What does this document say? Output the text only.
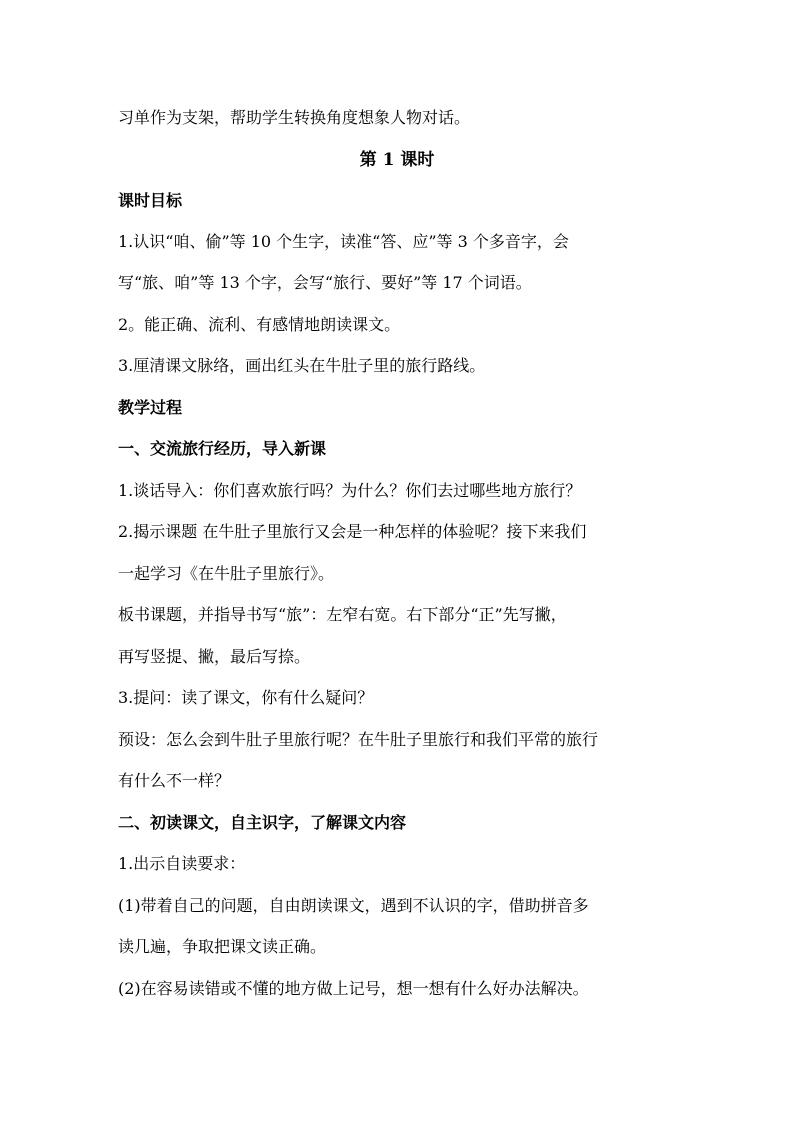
习单作为支架，帮助学生转换角度想象人物对话。
第 1 课时
课时目标
1.认识“咱、偷”等 10 个生字，读准“答、应”等 3 个多音字，会
写“旅、咱”等 13 个字，会写“旅行、要好”等 17 个词语。
2。能正确、流利、有感情地朗读课文。
3.厘清课文脉络，画出红头在牛肚子里的旅行路线。
教学过程
一、交流旅行经历，导入新课
1.谈话导入：你们喜欢旅行吗？为什么？你们去过哪些地方旅行？
2.揭示课题 在牛肚子里旅行又会是一种怎样的体验呢？接下来我们
一起学习《在牛肚子里旅行》。
板书课题，并指导书写“旅”：左窄右宽。右下部分“正”先写撇，
再写竖提、撇，最后写捺。
3.提问：读了课文，你有什么疑问？
预设：怎么会到牛肚子里旅行呢？在牛肚子里旅行和我们平常的旅行
有什么不一样？
二、初读课文，自主识字，了解课文内容
1.出示自读要求：
(1)带着自己的问题，自由朗读课文，遇到不认识的字，借助拼音多
读几遍，争取把课文读正确。
(2)在容易读错或不懂的地方做上记号，想一想有什么好办法解决。
